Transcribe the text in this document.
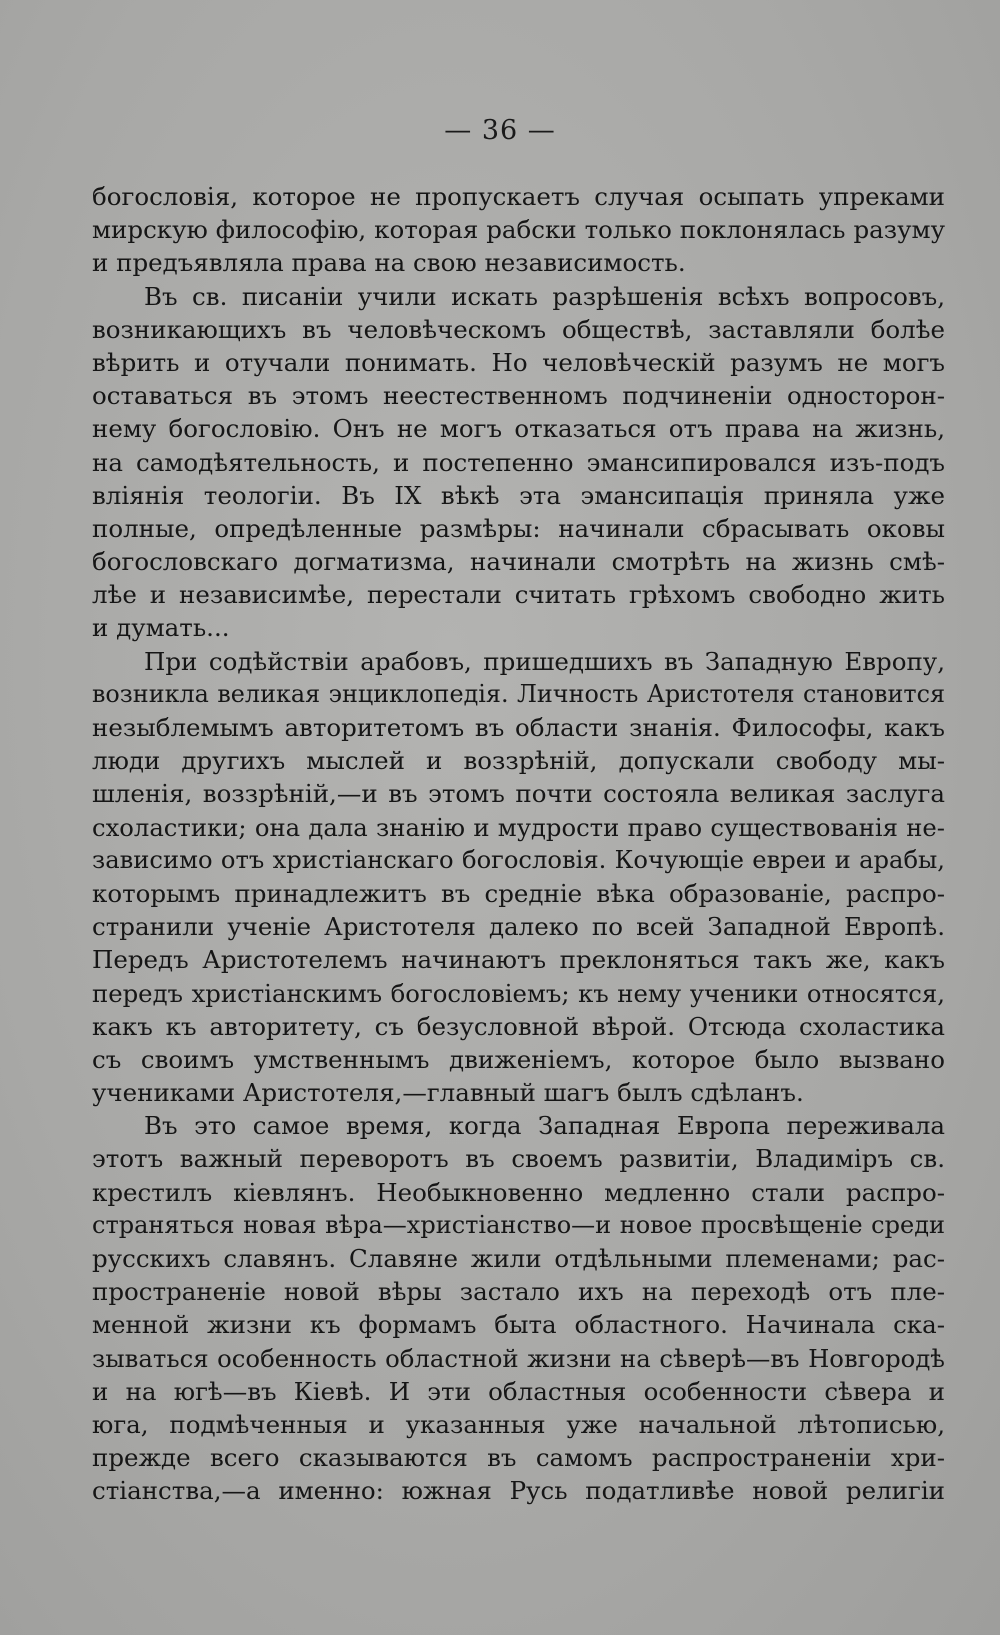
— 36 —
богословія, которое не пропускаетъ случая осыпать упреками
мирскую философію, которая рабски только поклонялась разуму
и предъявляла права на свою независимость.
Въ св. писаніи учили искать разрѣшенія всѣхъ вопросовъ,
возникающихъ въ человѣческомъ обществѣ, заставляли болѣе
вѣрить и отучали понимать. Но человѣческій разумъ не могъ
оставаться въ этомъ неестественномъ подчиненіи односторон-
нему богословію. Онъ не могъ отказаться отъ права на жизнь,
на самодѣятельность, и постепенно эмансипировался изъ-подъ
вліянія теологіи. Въ IX вѣкѣ эта эмансипація приняла уже
полные, опредѣленные размѣры: начинали сбрасывать оковы
богословскаго догматизма, начинали смотрѣть на жизнь смѣ-
лѣе и независимѣе, перестали считать грѣхомъ свободно жить
и думать...
При содѣйствіи арабовъ, пришедшихъ въ Западную Европу,
возникла великая энциклопедія. Личность Аристотеля становится
незыблемымъ авторитетомъ въ области знанія. Философы, какъ
люди другихъ мыслей и воззрѣній, допускали свободу мы-
шленія, воззрѣній,—и въ этомъ почти состояла великая заслуга
схоластики; она дала знанію и мудрости право существованія не-
зависимо отъ христіанскаго богословія. Кочующіе евреи и арабы,
которымъ принадлежитъ въ средніе вѣка образованіе, распро-
странили ученіе Аристотеля далеко по всей Западной Европѣ.
Передъ Аристотелемъ начинаютъ преклоняться такъ же, какъ
передъ христіанскимъ богословіемъ; къ нему ученики относятся,
какъ къ авторитету, съ безусловной вѣрой. Отсюда схоластика
съ своимъ умственнымъ движеніемъ, которое было вызвано
учениками Аристотеля,—главный шагъ былъ сдѣланъ.
Въ это самое время, когда Западная Европа переживала
этотъ важный переворотъ въ своемъ развитіи, Владиміръ св.
крестилъ кіевлянъ. Необыкновенно медленно стали распро-
страняться новая вѣра—христіанство—и новое просвѣщеніе среди
русскихъ славянъ. Славяне жили отдѣльными племенами; рас-
пространеніе новой вѣры застало ихъ на переходѣ отъ пле-
менной жизни къ формамъ быта областного. Начинала ска-
зываться особенность областной жизни на сѣверѣ—въ Новгородѣ
и на югѣ—въ Кіевѣ. И эти областныя особенности сѣвера и
юга, подмѣченныя и указанныя уже начальной лѣтописью,
прежде всего сказываются въ самомъ распространеніи хри-
стіанства,—а именно: южная Русь податливѣе новой религіи
